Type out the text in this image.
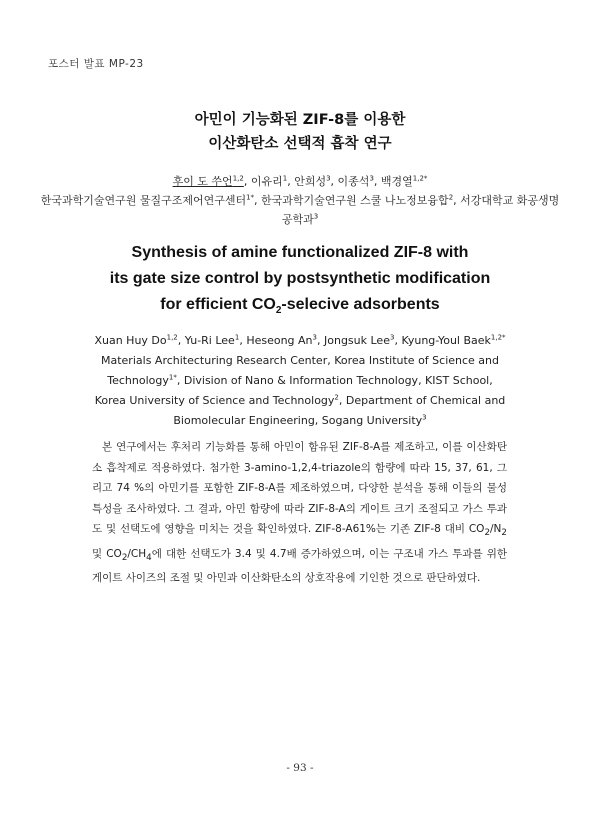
포스터 발표 MP-23
아민이 기능화된 ZIF-8를 이용한
이산화탄소 선택적 흡착 연구
후이 도 쑤언$^{1,2}$, 이유리$^1$, 안희성$^3$, 이종석$^3$, 백경열$^{1,2*}$
한국과학기술연구원 물질구조제어연구센터$^{1*}$, 한국과학기술연구원 스쿨 나노정보융합$^2$, 서강대학교 화공생명공학과$^3$
Synthesis of amine functionalized ZIF-8 with
its gate size control by postsynthetic modification
for efficient $CO_2$-selecive adsorbents
Xuan Huy Do$^{1,2}$, Yu-Ri Lee$^1$, Heseong An$^3$, Jongsuk Lee$^3$, Kyung-Youl Baek$^{1,2*}$
Materials Architecturing Research Center, Korea Institute of Science and
Technology$^{1*}$, Division of Nano & Information Technology, KIST School,
Korea University of Science and Technology$^2$, Department of Chemical and
Biomolecular Engineering, Sogang University$^3$

본 연구에서는 후처리 기능화를 통해 아민이 함유된 ZIF-8-A를 제조하고, 이를 이산화탄소 흡착제로 적용하였다. 첨가한 3-amino-1,2,4-triazole의 함량에 따라 15, 37, 61, 그리고 74 %의 아민기를 포함한 ZIF-8-A를 제조하였으며, 다양한 분석을 통해 이들의 물성특성을 조사하였다. 그 결과, 아민 함량에 따라 ZIF-8-A의 게이트 크기 조절되고 가스 투과도 및 선택도에 영향을 미치는 것을 확인하였다. ZIF-8-A61%는 기존 ZIF-8 대비 $CO_2/N_2$ 및 $CO_2/CH_4$에 대한 선택도가 3.4 및 4.7배 증가하였으며, 이는 구조내 가스 투과를 위한 게이트 사이즈의 조절 및 아민과 이산화탄소의 상호작용에 기인한 것으로 판단하였다.

- 93 -
